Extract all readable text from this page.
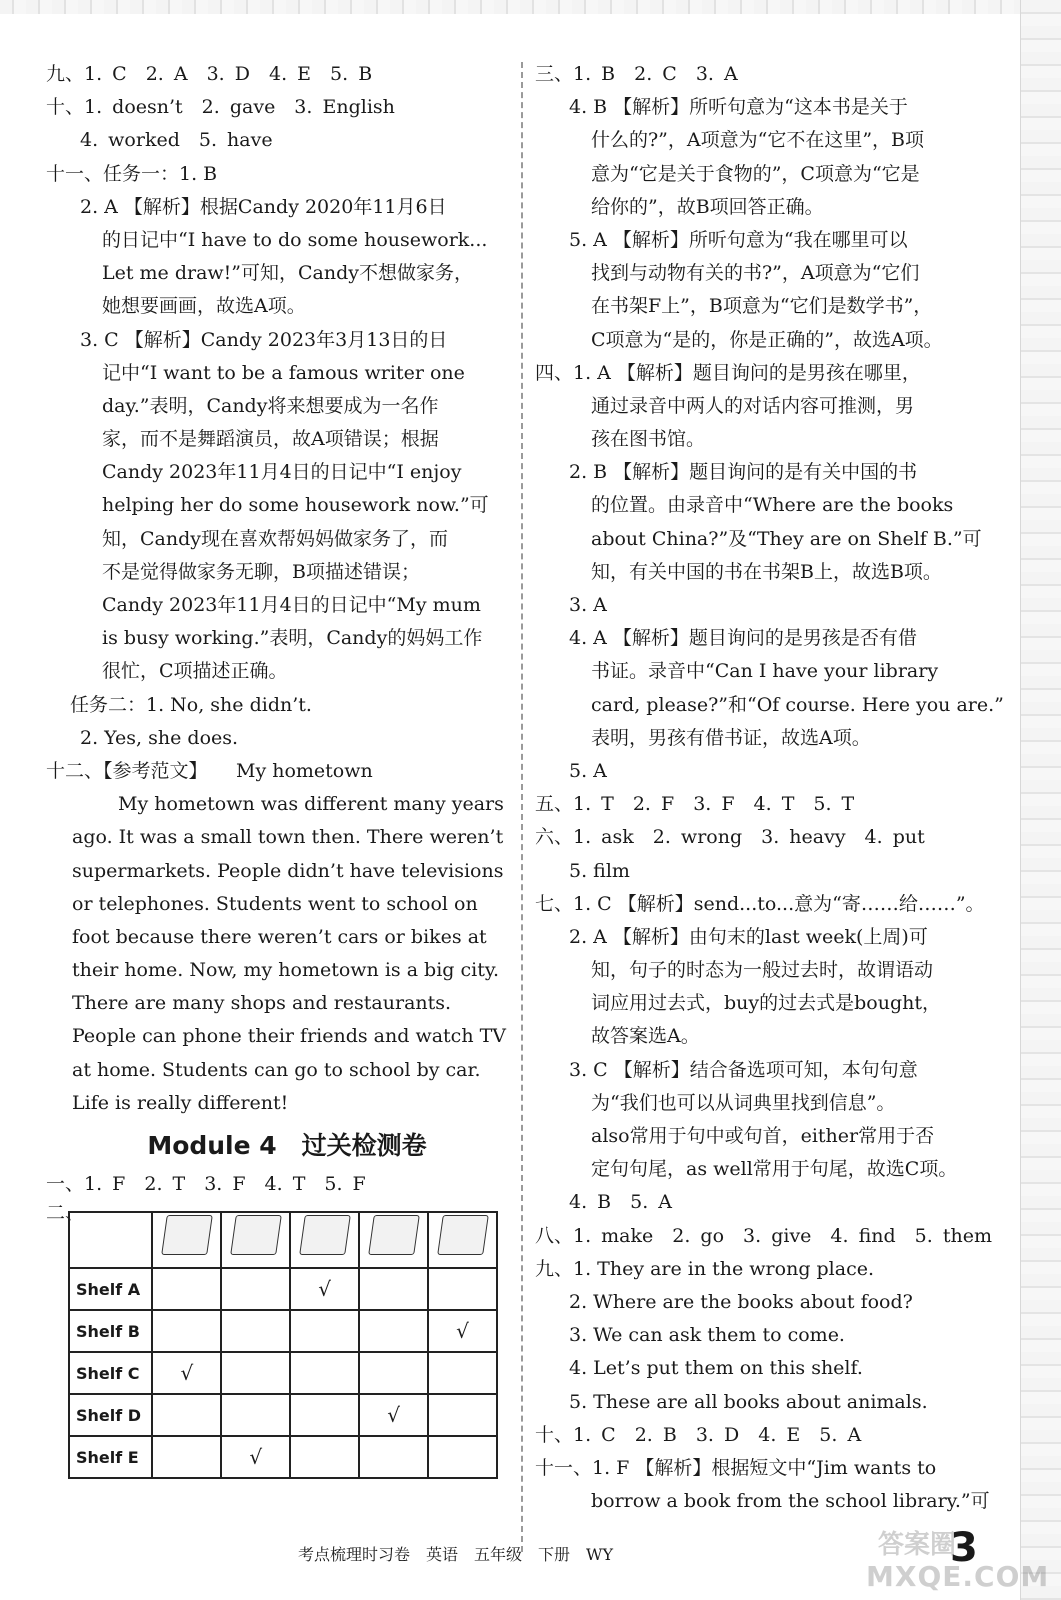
九、1. C　2. A　3. D　4. E　5. B
十、1. doesn’t　2. gave　3. English
4. worked　5. have
十一、任务一：1. B
2. A 【解析】根据Candy 2020年11月6日
的日记中“I have to do some housework...
Let me draw!”可知，Candy不想做家务，
她想要画画，故选A项。
3. C 【解析】Candy 2023年3月13日的日
记中“I want to be a famous writer one
day.”表明，Candy将来想要成为一名作
家，而不是舞蹈演员，故A项错误；根据
Candy 2023年11月4日的日记中“I enjoy
helping her do some housework now.”可
知，Candy现在喜欢帮妈妈做家务了，而
不是觉得做家务无聊，B项描述错误；
Candy 2023年11月4日的日记中“My mum
is busy working.”表明，Candy的妈妈工作
很忙，C项描述正确。
任务二：1. No, she didn’t.
2. Yes, she does.
十二、【参考范文】　　My hometown
My hometown was different many years
ago. It was a small town then. There weren’t
supermarkets. People didn’t have televisions
or telephones. Students went to school on
foot because there weren’t cars or bikes at
their home. Now, my hometown is a big city.
There are many shops and restaurants.
People can phone their friends and watch TV
at home. Students can go to school by car.
Life is really different!
Module 4　过关检测卷
一、1. F　2. T　3. F　4. T　5. F
二、

Shelf A			√		
Shelf B					√
Shelf C	√				
Shelf D				√	
Shelf E		√			
三、1. B　2. C　3. A
4. B 【解析】所听句意为“这本书是关于
什么的?”，A项意为“它不在这里”，B项
意为“它是关于食物的”，C项意为“它是
给你的”，故B项回答正确。
5. A 【解析】所听句意为“我在哪里可以
找到与动物有关的书?”，A项意为“它们
在书架F上”，B项意为“它们是数学书”，
C项意为“是的，你是正确的”，故选A项。
四、1. A 【解析】题目询问的是男孩在哪里，
通过录音中两人的对话内容可推测，男
孩在图书馆。
2. B 【解析】题目询问的是有关中国的书
的位置。由录音中“Where are the books
about China?”及“They are on Shelf B.”可
知，有关中国的书在书架B上，故选B项。
3. A
4. A 【解析】题目询问的是男孩是否有借
书证。录音中“Can I have your library
card, please?”和“Of course. Here you are.”
表明，男孩有借书证，故选A项。
5. A
五、1. T　2. F　3. F　4. T　5. T
六、1. ask　2. wrong　3. heavy　4. put
5. film
七、1. C 【解析】send...to...意为“寄……给……”。
2. A 【解析】由句末的last week(上周)可
知，句子的时态为一般过去时，故谓语动
词应用过去式，buy的过去式是bought，
故答案选A。
3. C 【解析】结合备选项可知，本句句意
为“我们也可以从词典里找到信息”。
also常用于句中或句首，either常用于否
定句句尾，as well常用于句尾，故选C项。
4. B　5. A
八、1. make　2. go　3. give　4. find　5. them
九、1. They are in the wrong place.
2. Where are the books about food?
3. We can ask them to come.
4. Let’s put them on this shelf.
5. These are all books about animals.
十、1. C　2. B　3. D　4. E　5. A
十一、1. F 【解析】根据短文中“Jim wants to
borrow a book from the school library.”可
考点梳理时习卷　英语　五年级　下册　WY	答案圈
MXQE.COM
3
